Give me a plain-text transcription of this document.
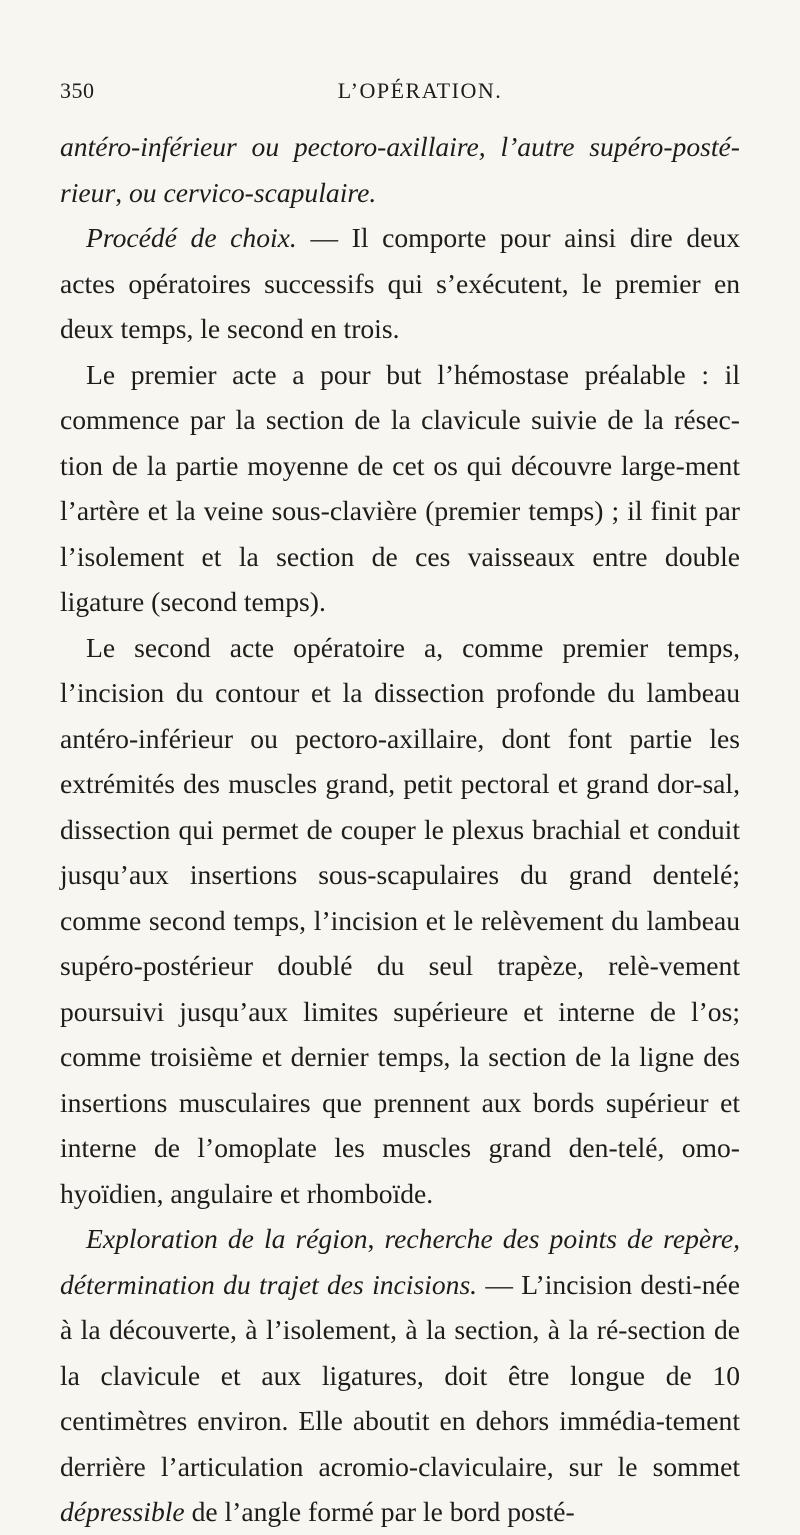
350	L’OPÉRATION.

antéro-inférieur ou pectoro-axillaire, l’autre supéro-posté-rieur, ou cervico-scapulaire.

Procédé de choix. — Il comporte pour ainsi dire deux actes opératoires successifs qui s’exécutent, le premier en deux temps, le second en trois.

Le premier acte a pour but l’hémostase préalable : il commence par la section de la clavicule suivie de la résec-tion de la partie moyenne de cet os qui découvre large-ment l’artère et la veine sous-clavière (premier temps) ; il finit par l’isolement et la section de ces vaisseaux entre double ligature (second temps).

Le second acte opératoire a, comme premier temps, l’incision du contour et la dissection profonde du lambeau antéro-inférieur ou pectoro-axillaire, dont font partie les extrémités des muscles grand, petit pectoral et grand dor-sal, dissection qui permet de couper le plexus brachial et conduit jusqu’aux insertions sous-scapulaires du grand dentelé; comme second temps, l’incision et le relèvement du lambeau supéro-postérieur doublé du seul trapèze, relè-vement poursuivi jusqu’aux limites supérieure et interne de l’os; comme troisième et dernier temps, la section de la ligne des insertions musculaires que prennent aux bords supérieur et interne de l’omoplate les muscles grand den-telé, omo-hyoïdien, angulaire et rhomboïde.

Exploration de la région, recherche des points de repère, détermination du trajet des incisions. — L’incision desti-née à la découverte, à l’isolement, à la section, à la ré-section de la clavicule et aux ligatures, doit être longue de 10 centimètres environ. Elle aboutit en dehors immédia-tement derrière l’articulation acromio-claviculaire, sur le sommet dépressible de l’angle formé par le bord posté-
